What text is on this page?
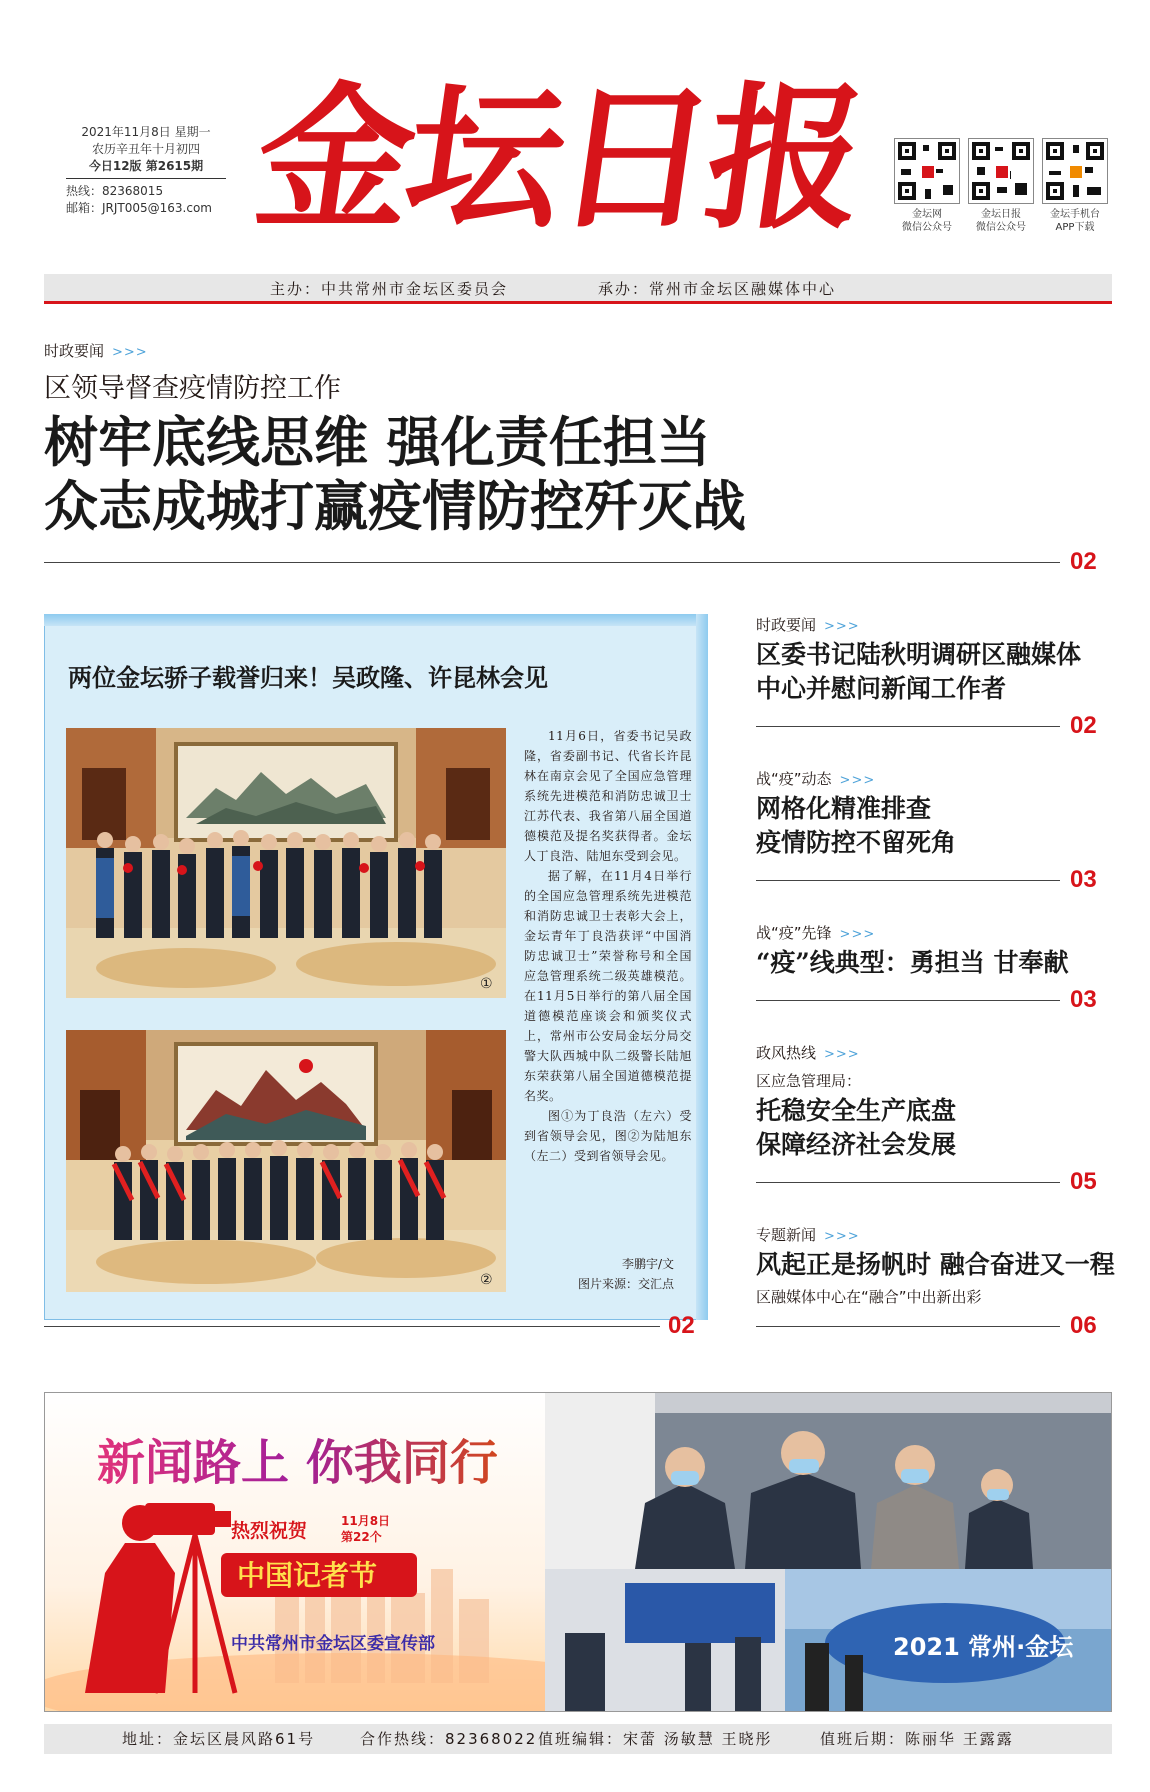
2021年11月8日 星期一
农历辛丑年十月初四
今日12版 第2615期
热线：82368015
邮箱：JRJT005@163.com 金坛日报	金坛网
微信公众号
金坛日报
微信公众号
金坛手机台
APP下载
主办：中共常州市金坛区委员会	承办：常州市金坛区融媒体中心
时政要闻 >>>
区领导督查疫情防控工作
树牢底线思维 强化责任担当
众志成城打赢疫情防控歼灭战
02
两位金坛骄子载誉归来！吴政隆、许昆林会见
①
②

11月6日，省委书记吴政隆，省委副书记、代省长许昆林在南京会见了全国应急管理系统先进模范和消防忠诚卫士江苏代表、我省第八届全国道德模范及提名奖获得者。金坛人丁良浩、陆旭东受到会见。

据了解，在11月4日举行的全国应急管理系统先进模范和消防忠诚卫士表彰大会上，金坛青年丁良浩获评“中国消防忠诚卫士”荣誉称号和全国应急管理系统二级英雄模范。在11月5日举行的第八届全国道德模范座谈会和颁奖仪式上，常州市公安局金坛分局交警大队西城中队二级警长陆旭东荣获第八届全国道德模范提名奖。

图①为丁良浩（左六）受到省领导会见，图②为陆旭东（左二）受到省领导会见。

李鹏宇/文
图片来源：交汇点
02
时政要闻 >>>
区委书记陆秋明调研区融媒体
中心并慰问新闻工作者
02
战“疫”动态 >>>
网格化精准排查
疫情防控不留死角
03
战“疫”先锋 >>>
“疫”线典型：勇担当 甘奉献
03
政风热线 >>>
区应急管理局：
托稳安全生产底盘
保障经济社会发展
05
专题新闻 >>>
风起正是扬帆时 融合奋进又一程
区融媒体中心在“融合”中出新出彩
06
新闻路上 你我同行
热烈祝贺	11月8日
第22个
中国记者节
中共常州市金坛区委宣传部	2021 常州·金坛
地址：金坛区晨风路61号	合作热线：82368022 值班编辑：宋蕾 汤敏慧 王晓彤	值班后期：陈丽华 王露露
